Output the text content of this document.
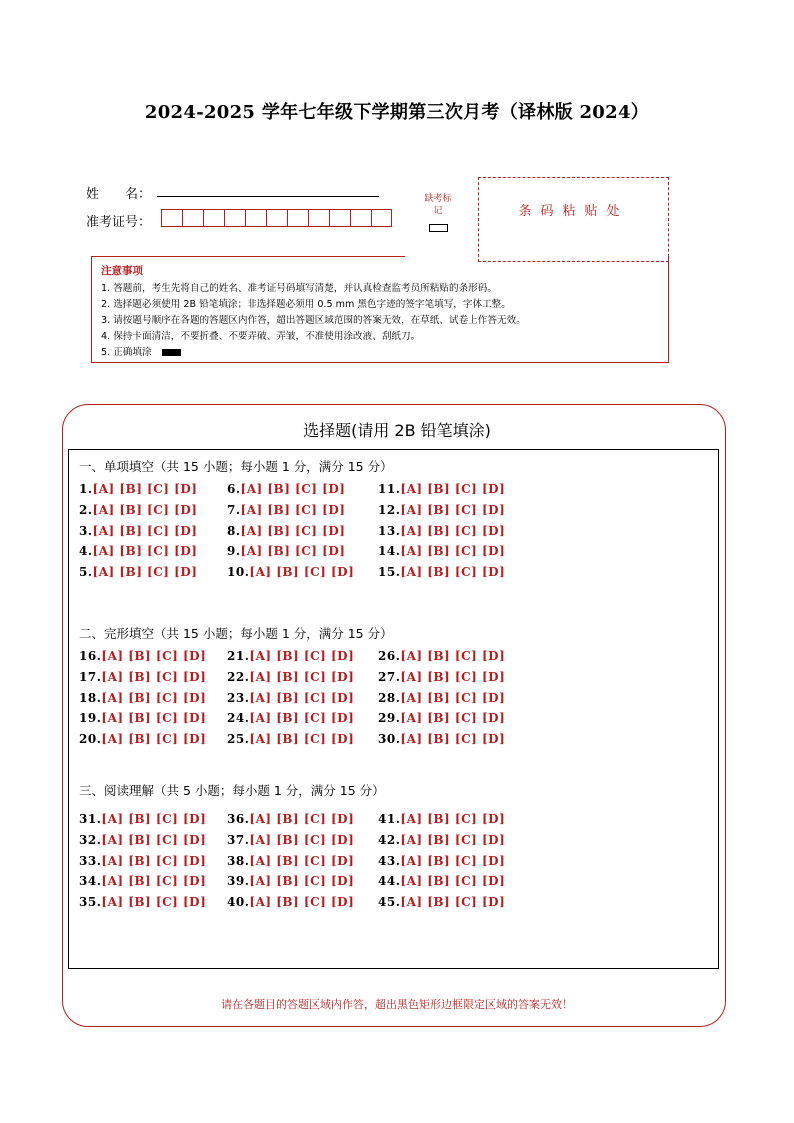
2024-2025 学年七年级下学期第三次月考（译林版 2024）
姓　　名：
准考证号：
缺考标记	条码粘贴处
注意事项
1. 答题前，考生先将自己的姓名、准考证号码填写清楚，并认真检查监考员所粘贴的条形码。
2. 选择题必须使用 2B 铅笔填涂；非选择题必须用 0.5 mm 黑色字迹的签字笔填写，字体工整。
3. 请按题号顺序在各题的答题区内作答，超出答题区域范围的答案无效，在草纸、试卷上作答无效。
4. 保持卡面清洁，不要折叠、不要弄破、弄皱，不准使用涂改液、刮纸刀。
5. 正确填涂
选择题(请用 2B 铅笔填涂)
一、单项填空（共 15 小题；每小题 1 分，满分 15 分）
1.[A] [B] [C] [D]
2.[A] [B] [C] [D]
3.[A] [B] [C] [D]
4.[A] [B] [C] [D]
5.[A] [B] [C] [D]
6.[A] [B] [C] [D]
7.[A] [B] [C] [D]
8.[A] [B] [C] [D]
9.[A] [B] [C] [D]
10.[A] [B] [C] [D]
11.[A] [B] [C] [D]
12.[A] [B] [C] [D]
13.[A] [B] [C] [D]
14.[A] [B] [C] [D]
15.[A] [B] [C] [D]
二、完形填空（共 15 小题；每小题 1 分，满分 15 分）
16.[A] [B] [C] [D]
17.[A] [B] [C] [D]
18.[A] [B] [C] [D]
19.[A] [B] [C] [D]
20.[A] [B] [C] [D]
21.[A] [B] [C] [D]
22.[A] [B] [C] [D]
23.[A] [B] [C] [D]
24.[A] [B] [C] [D]
25.[A] [B] [C] [D]
26.[A] [B] [C] [D]
27.[A] [B] [C] [D]
28.[A] [B] [C] [D]
29.[A] [B] [C] [D]
30.[A] [B] [C] [D]
三、阅读理解（共 5 小题；每小题 1 分，满分 15 分）
31.[A] [B] [C] [D]
32.[A] [B] [C] [D]
33.[A] [B] [C] [D]
34.[A] [B] [C] [D]
35.[A] [B] [C] [D]
36.[A] [B] [C] [D]
37.[A] [B] [C] [D]
38.[A] [B] [C] [D]
39.[A] [B] [C] [D]
40.[A] [B] [C] [D]
41.[A] [B] [C] [D]
42.[A] [B] [C] [D]
43.[A] [B] [C] [D]
44.[A] [B] [C] [D]
45.[A] [B] [C] [D]
请在各题目的答题区域内作答，超出黑色矩形边框限定区域的答案无效！
